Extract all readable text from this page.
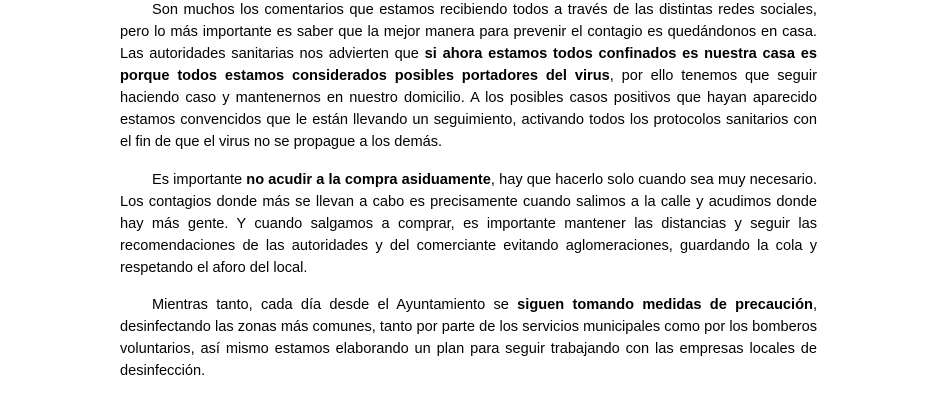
Son muchos los comentarios que estamos recibiendo todos a través de las distintas redes sociales, pero lo más importante es saber que la mejor manera para prevenir el contagio es quedándonos en casa. Las autoridades sanitarias nos advierten que si ahora estamos todos confinados es nuestra casa es porque todos estamos considerados posibles portadores del virus, por ello tenemos que seguir haciendo caso y mantenernos en nuestro domicilio. A los posibles casos positivos que hayan aparecido estamos convencidos que le están llevando un seguimiento, activando todos los protocolos sanitarios con el fin de que el virus no se propague a los demás.

Es importante no acudir a la compra asiduamente, hay que hacerlo solo cuando sea muy necesario. Los contagios donde más se llevan a cabo es precisamente cuando salimos a la calle y acudimos donde hay más gente. Y cuando salgamos a comprar, es importante mantener las distancias y seguir las recomendaciones de las autoridades y del comerciante evitando aglomeraciones, guardando la cola y respetando el aforo del local.

Mientras tanto, cada día desde el Ayuntamiento se siguen tomando medidas de precaución, desinfectando las zonas más comunes, tanto por parte de los servicios municipales como por los bomberos voluntarios, así mismo estamos elaborando un plan para seguir trabajando con las empresas locales de desinfección.
